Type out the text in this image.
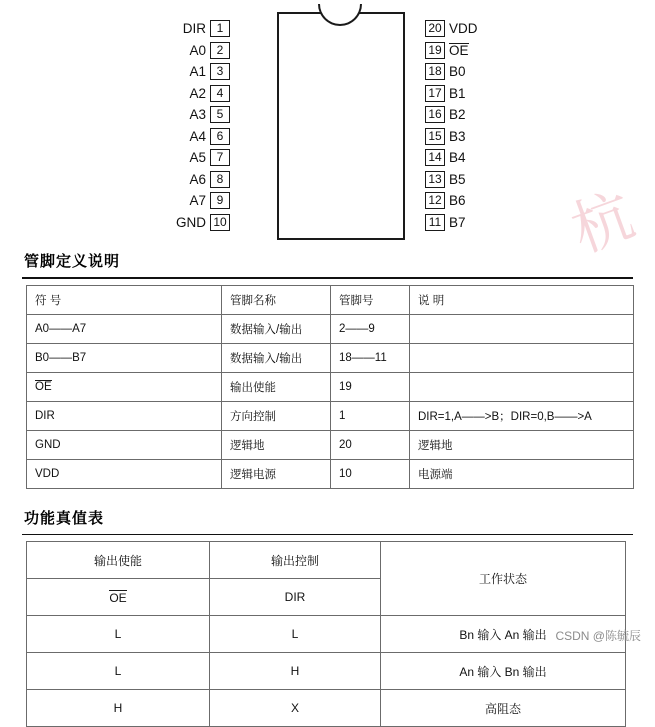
杭
DIR 1
A0 2
A1 3
A2 4
A3 5
A4 6
A5 7
A6 8
A7 9
GND 10
20 VDD
19 OE
18 B0
17 B1
16 B2
15 B3
14 B4
13 B5
12 B6
11 B7
管脚定义说明
符 号	管脚名称	管脚号	说 明
A0——A7	数据输入/输出	2——9	
B0——B7	数据输入/输出	18——11	
OE	输出使能	19	
DIR	方向控制	1	DIR=1,A——>B；DIR=0,B——>A
GND	逻辑地	20	逻辑地
VDD	逻辑电源	10	电源端
功能真值表
输出使能	输出控制	工作状态
OE	DIR	
L	L	Bn 输入 An 输出
L	H	An 输入 Bn 输出
H	X	高阻态
CSDN @陈毓辰
